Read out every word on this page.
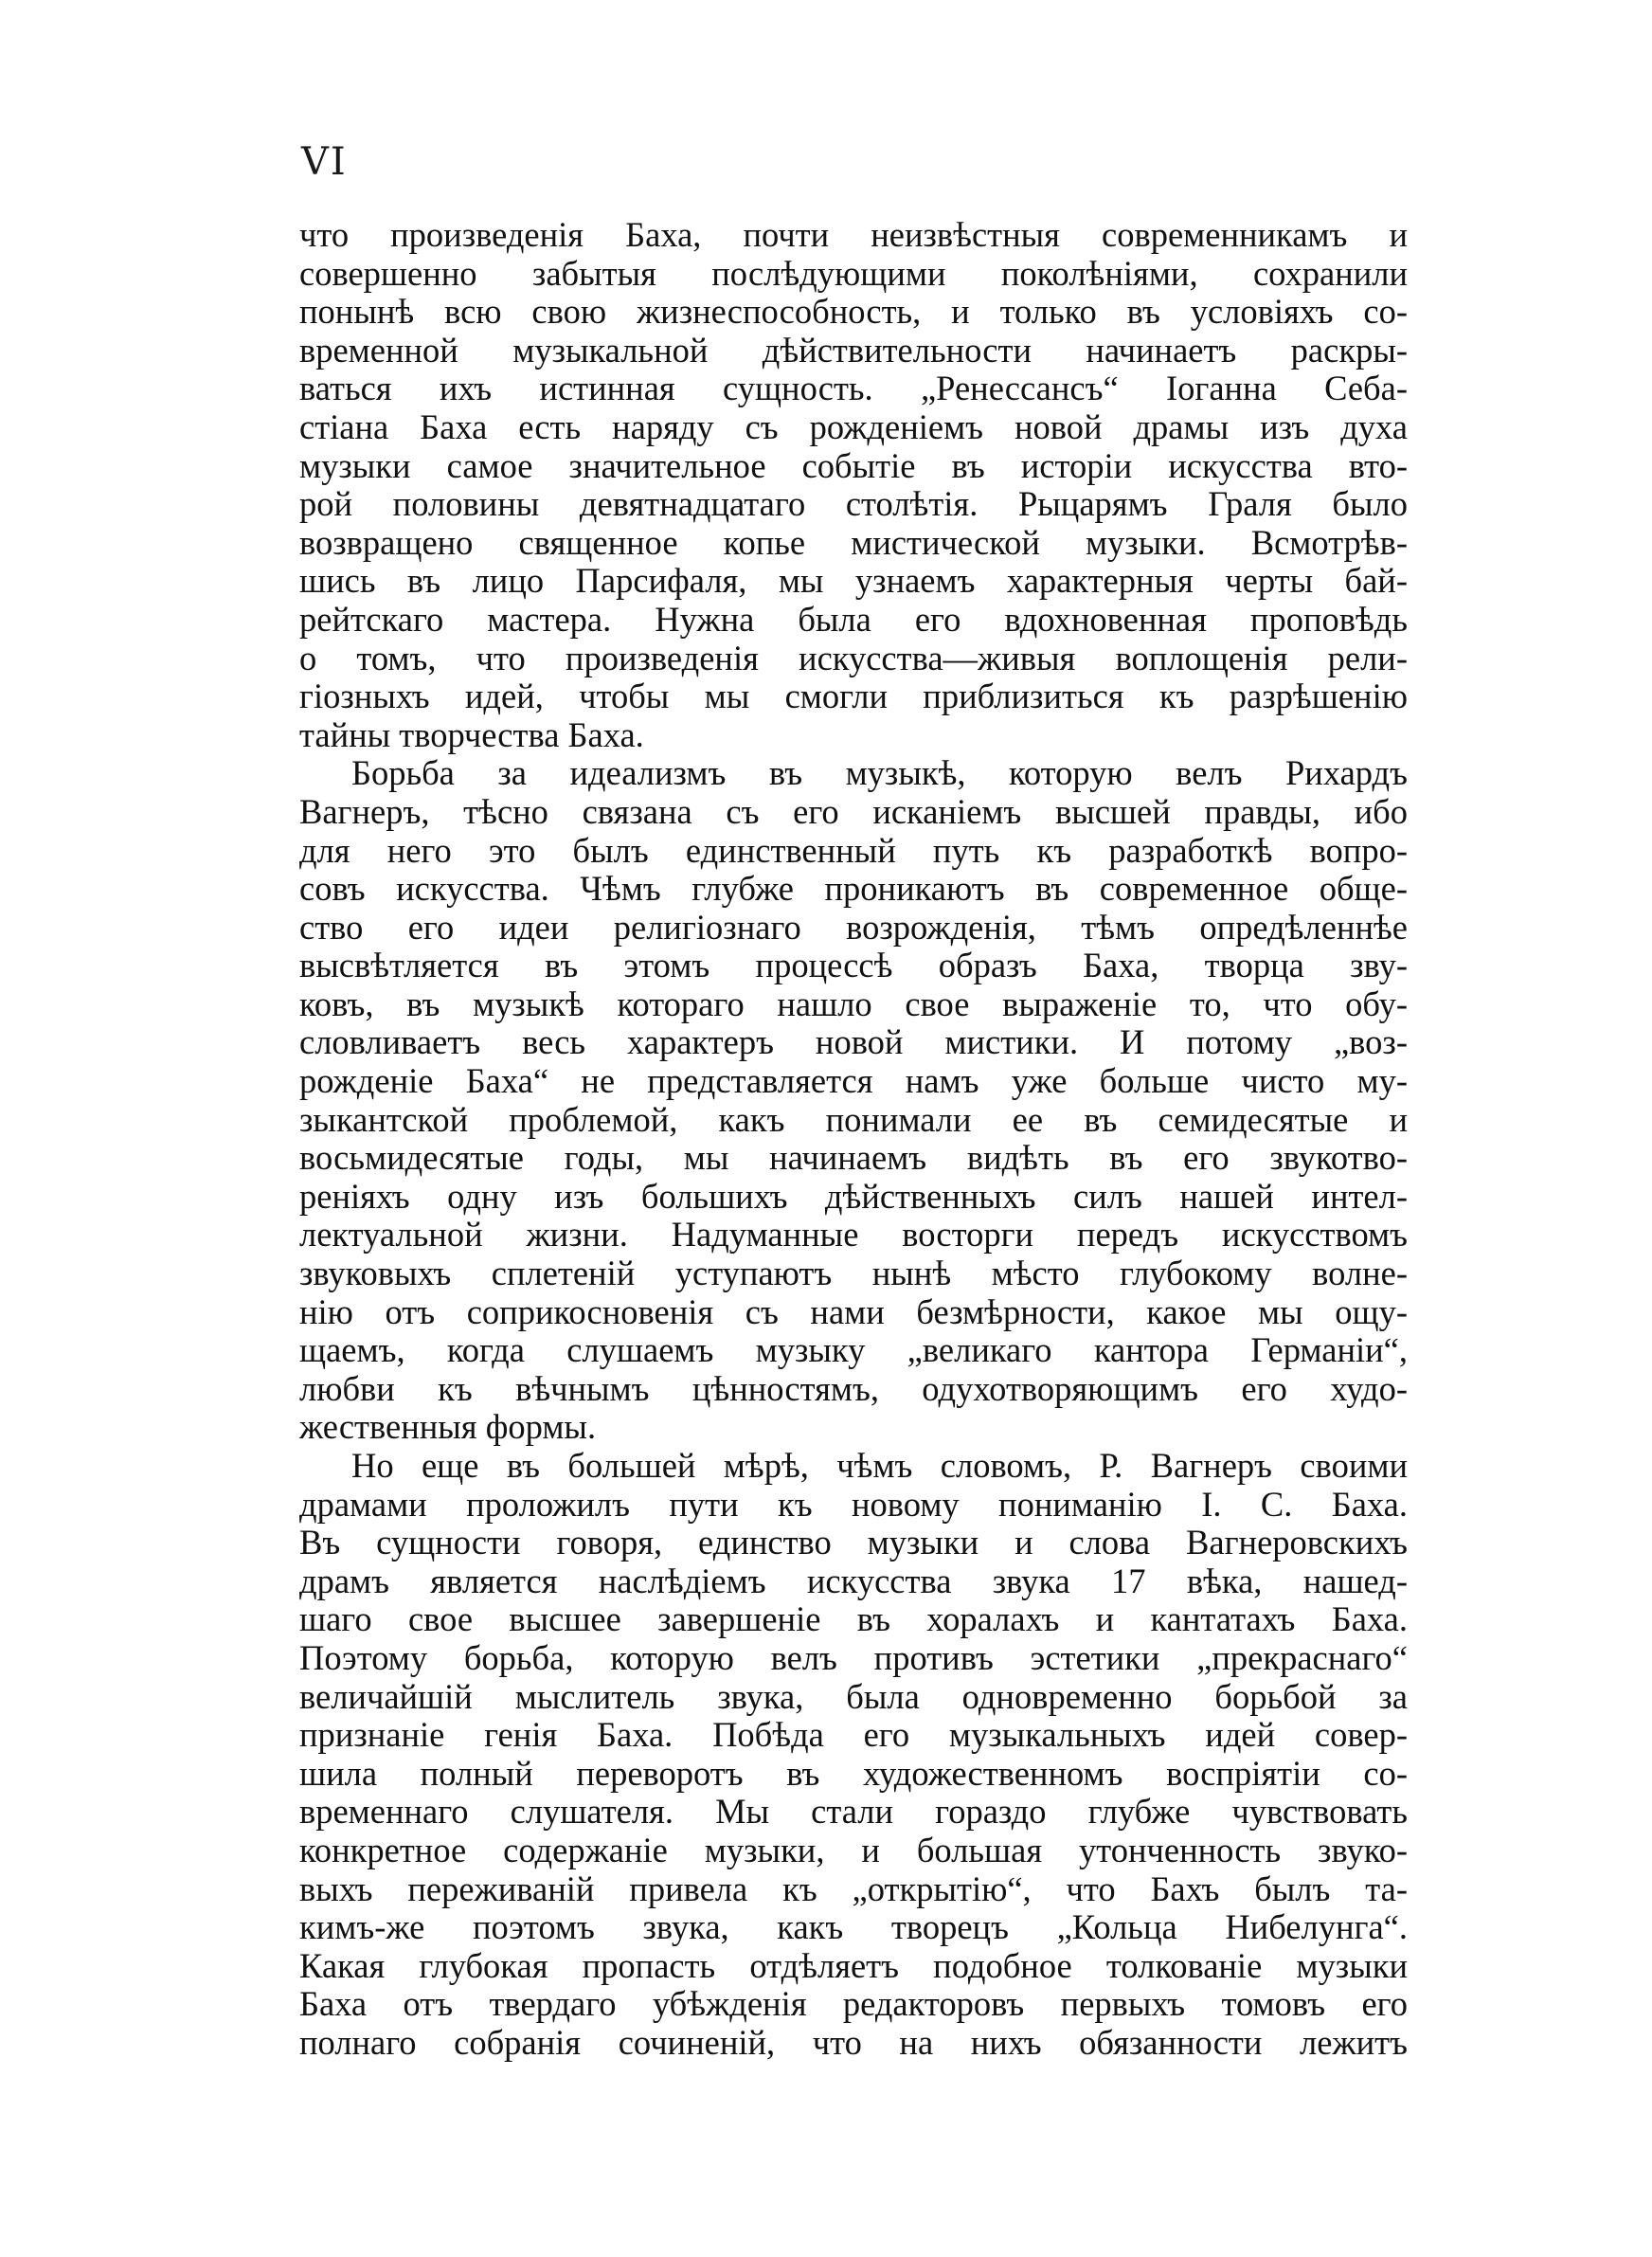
VI
что произведенія Баха, почти неизвѣстныя современникамъ и
совершенно забытыя послѣдующими поколѣніями, сохранили
понынѣ всю свою жизнеспособность, и только въ условіяхъ со-
временной музыкальной дѣйствительности начинаетъ раскры-
ваться ихъ истинная сущность. „Ренессансъ“ Іоганна Себа-
стіана Баха есть наряду съ рожденіемъ новой драмы изъ духа
музыки самое значительное событіе въ исторіи искусства вто-
рой половины девятнадцатаго столѣтія. Рыцарямъ Граля было
возвращено священное копье мистической музыки. Всмотрѣв-
шись въ лицо Парсифаля, мы узнаемъ характерныя черты бай-
рейтскаго мастера. Нужна была его вдохновенная проповѣдь
о томъ, что произведенія искусства—живыя воплощенія рели-
гіозныхъ идей, чтобы мы смогли приблизиться къ разрѣшенію
тайны творчества Баха.
Борьба за идеализмъ въ музыкѣ, которую велъ Рихардъ
Вагнеръ, тѣсно связана съ его исканіемъ высшей правды, ибо
для него это былъ единственный путь къ разработкѣ вопро-
совъ искусства. Чѣмъ глубже проникаютъ въ современное обще-
ство его идеи религіознаго возрожденія, тѣмъ опредѣленнѣе
высвѣтляется въ этомъ процессѣ образъ Баха, творца зву-
ковъ, въ музыкѣ котораго нашло свое выраженіе то, что обу-
словливаетъ весь характеръ новой мистики. И потому „воз-
рожденіе Баха“ не представляется намъ уже больше чисто му-
зыкантской проблемой, какъ понимали ее въ семидесятые и
восьмидесятые годы, мы начинаемъ видѣть въ его звукотво-
реніяхъ одну изъ большихъ дѣйственныхъ силъ нашей интел-
лектуальной жизни. Надуманные восторги передъ искусствомъ
звуковыхъ сплетеній уступаютъ нынѣ мѣсто глубокому волне-
нію отъ соприкосновенія съ нами безмѣрности, какое мы ощу-
щаемъ, когда слушаемъ музыку „великаго кантора Германіи“,
любви къ вѣчнымъ цѣнностямъ, одухотворяющимъ его худо-
жественныя формы.
Но еще въ большей мѣрѣ, чѣмъ словомъ, Р. Вагнеръ своими
драмами проложилъ пути къ новому пониманію І. С. Баха.
Въ сущности говоря, единство музыки и слова Вагнеровскихъ
драмъ является наслѣдіемъ искусства звука 17 вѣка, нашед-
шаго свое высшее завершеніе въ хоралахъ и кантатахъ Баха.
Поэтому борьба, которую велъ противъ эстетики „прекраснаго“
величайшій мыслитель звука, была одновременно борьбой за
признаніе генія Баха. Побѣда его музыкальныхъ идей совер-
шила полный переворотъ въ художественномъ воспріятіи со-
временнаго слушателя. Мы стали гораздо глубже чувствовать
конкретное содержаніе музыки, и большая утонченность звуко-
выхъ переживаній привела къ „открытію“, что Бахъ былъ та-
кимъ-же поэтомъ звука, какъ творецъ „Кольца Нибелунга“.
Какая глубокая пропасть отдѣляетъ подобное толкованіе музыки
Баха отъ твердаго убѣжденія редакторовъ первыхъ томовъ его
полнаго собранія сочиненій, что на нихъ обязанности лежитъ
